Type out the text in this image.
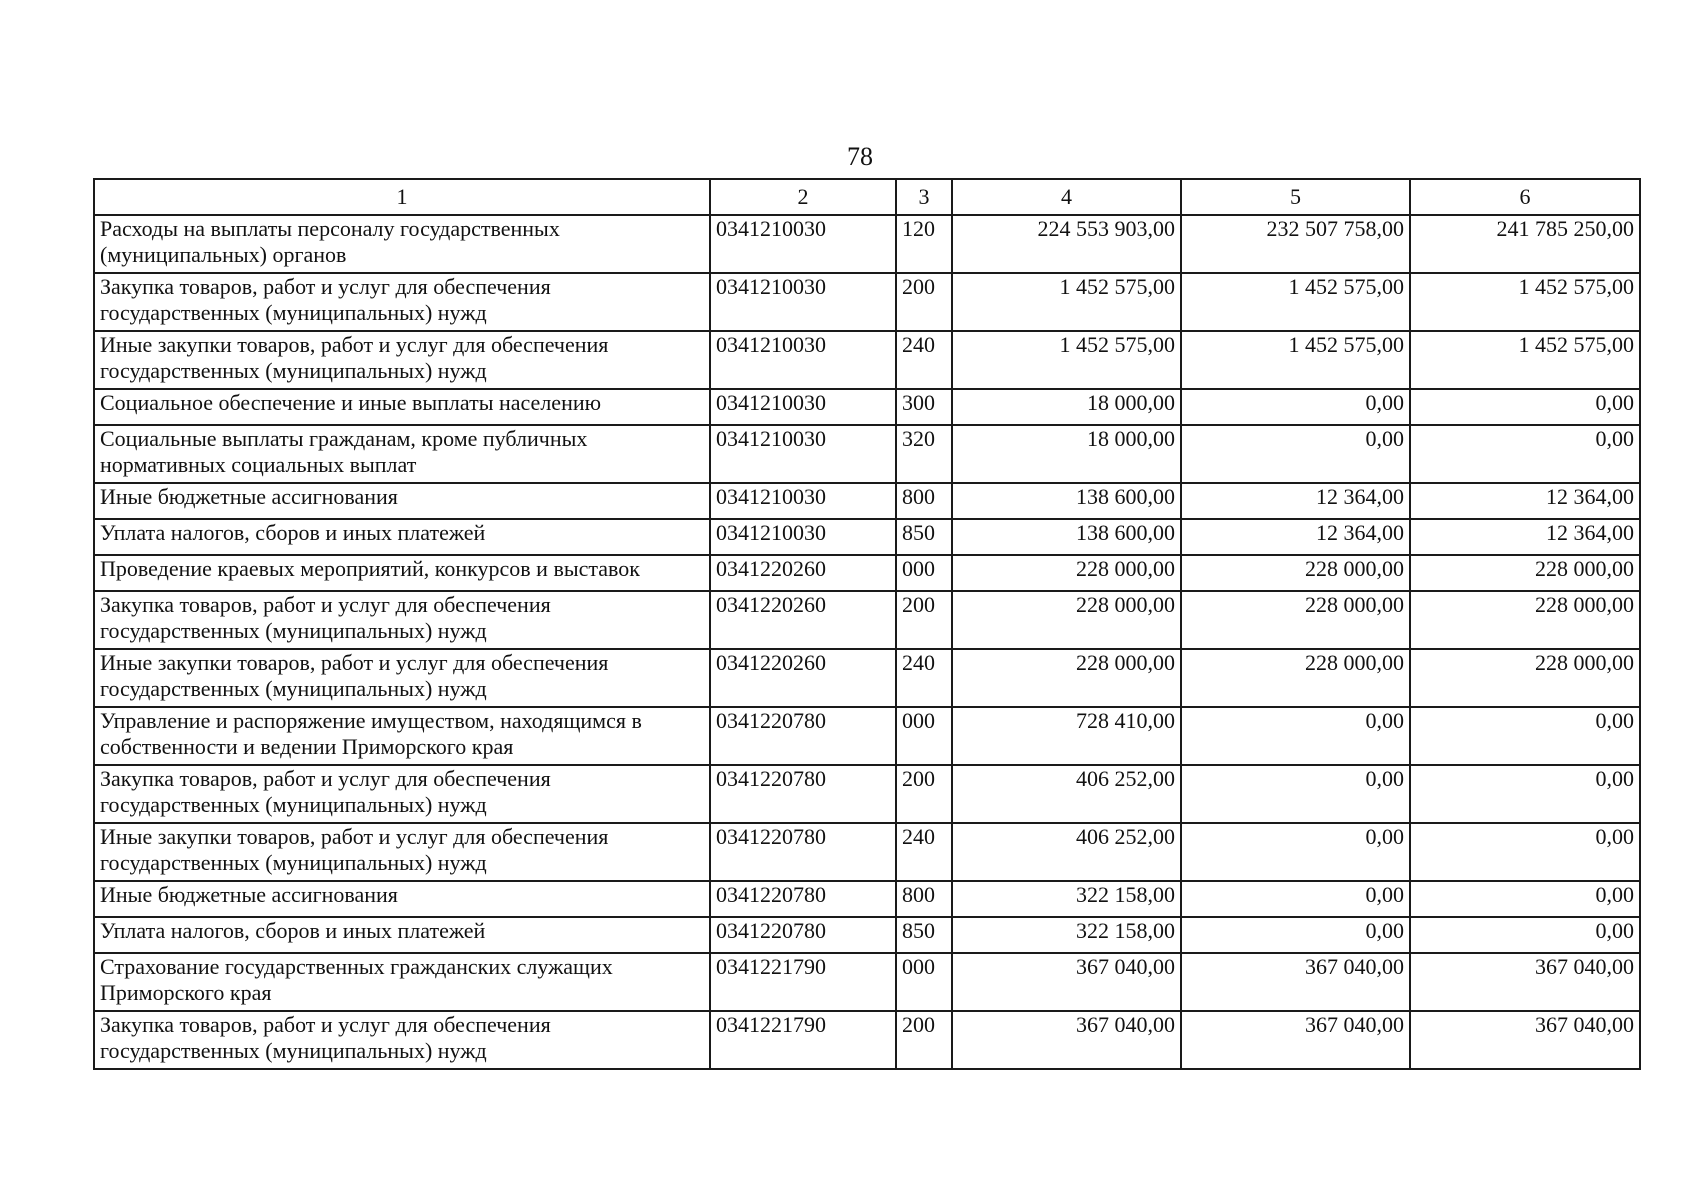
78
1	2	3	4	5	6
Расходы на выплаты персоналу государственных (муниципальных) органов	0341210030	120	224 553 903,00	232 507 758,00	241 785 250,00
Закупка товаров, работ и услуг для обеспечения государственных (муниципальных) нужд	0341210030	200	1 452 575,00	1 452 575,00	1 452 575,00
Иные закупки товаров, работ и услуг для обеспечения государственных (муниципальных) нужд	0341210030	240	1 452 575,00	1 452 575,00	1 452 575,00
Социальное обеспечение и иные выплаты населению	0341210030	300	18 000,00	0,00	0,00
Социальные выплаты гражданам, кроме публичных нормативных социальных выплат	0341210030	320	18 000,00	0,00	0,00
Иные бюджетные ассигнования	0341210030	800	138 600,00	12 364,00	12 364,00
Уплата налогов, сборов и иных платежей	0341210030	850	138 600,00	12 364,00	12 364,00
Проведение краевых мероприятий, конкурсов и выставок	0341220260	000	228 000,00	228 000,00	228 000,00
Закупка товаров, работ и услуг для обеспечения государственных (муниципальных) нужд	0341220260	200	228 000,00	228 000,00	228 000,00
Иные закупки товаров, работ и услуг для обеспечения государственных (муниципальных) нужд	0341220260	240	228 000,00	228 000,00	228 000,00
Управление и распоряжение имуществом, находящимся в собственности и ведении Приморского края	0341220780	000	728 410,00	0,00	0,00
Закупка товаров, работ и услуг для обеспечения государственных (муниципальных) нужд	0341220780	200	406 252,00	0,00	0,00
Иные закупки товаров, работ и услуг для обеспечения государственных (муниципальных) нужд	0341220780	240	406 252,00	0,00	0,00
Иные бюджетные ассигнования	0341220780	800	322 158,00	0,00	0,00
Уплата налогов, сборов и иных платежей	0341220780	850	322 158,00	0,00	0,00
Страхование государственных гражданских служащих Приморского края	0341221790	000	367 040,00	367 040,00	367 040,00
Закупка товаров, работ и услуг для обеспечения государственных (муниципальных) нужд	0341221790	200	367 040,00	367 040,00	367 040,00
